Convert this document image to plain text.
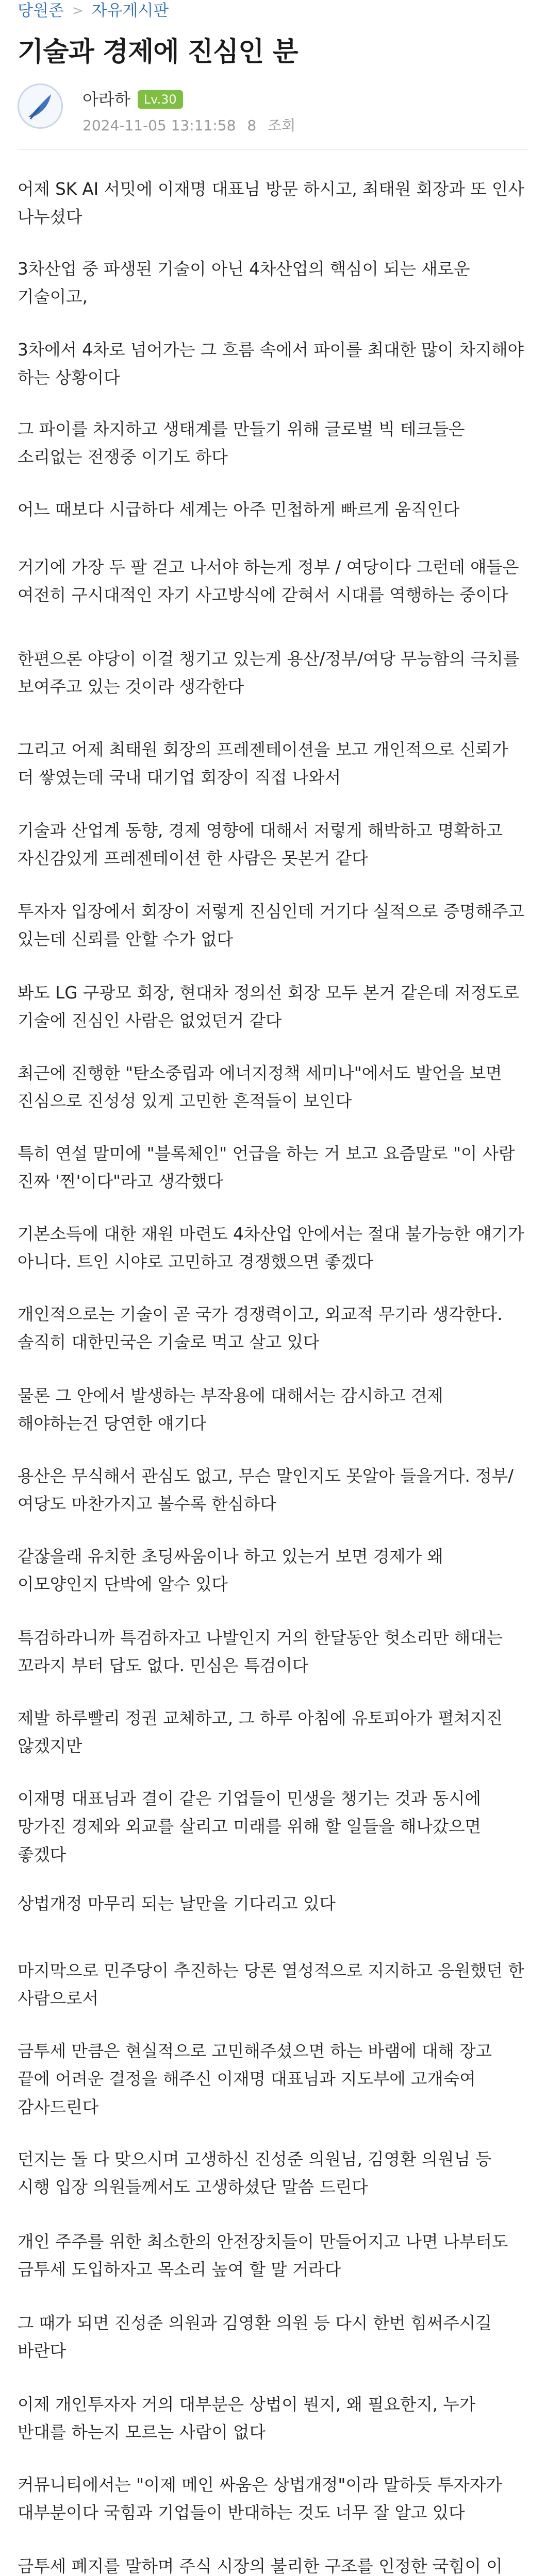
당원존 > 자유게시판
기술과 경제에 진심인 분
아라하 Lv.30
2024-11-05 13:11:58 8 조회
어제 SK AI 서밋에 이재명 대표님 방문 하시고, 최태원 회장과 또 인사 나누셨다
3차산업 중 파생된 기술이 아닌 4차산업의 핵심이 되는 새로운 기술이고,
3차에서 4차로 넘어가는 그 흐름 속에서 파이를 최대한 많이 차지해야 하는 상황이다
그 파이를 차지하고 생태계를 만들기 위해 글로벌 빅 테크들은 소리없는 전쟁중 이기도 하다
어느 때보다 시급하다 세계는 아주 민첩하게 빠르게 움직인다
거기에 가장 두 팔 걷고 나서야 하는게 정부 / 여당이다 그런데 얘들은 여전히 구시대적인 자기 사고방식에 갇혀서 시대를 역행하는 중이다
한편으론 야당이 이걸 챙기고 있는게 용산/정부/여당 무능함의 극치를 보여주고 있는 것이라 생각한다
그리고 어제 최태원 회장의 프레젠테이션을 보고 개인적으로 신뢰가 더 쌓였는데 국내 대기업 회장이 직접 나와서
기술과 산업계 동향, 경제 영향에 대해서 저렇게 해박하고 명확하고 자신감있게 프레젠테이션 한 사람은 못본거 같다
투자자 입장에서 회장이 저렇게 진심인데 거기다 실적으로 증명해주고 있는데 신뢰를 안할 수가 없다
봐도 LG 구광모 회장, 현대차 정의선 회장 모두 본거 같은데 저정도로 기술에 진심인 사람은 없었던거 같다
최근에 진행한 "탄소중립과 에너지정책 세미나"에서도 발언을 보면 진심으로 진성성 있게 고민한 흔적들이 보인다
특히 연설 말미에 "블록체인" 언급을 하는 거 보고 요즘말로 "이 사람 진짜 '찐'이다"라고 생각했다
기본소득에 대한 재원 마련도 4차산업 안에서는 절대 불가능한 얘기가 아니다. 트인 시야로 고민하고 경쟁했으면 좋겠다
개인적으로는 기술이 곧 국가 경쟁력이고, 외교적 무기라 생각한다. 솔직히 대한민국은 기술로 먹고 살고 있다
물론 그 안에서 발생하는 부작용에 대해서는 감시하고 견제 해야하는건 당연한 얘기다
용산은 무식해서 관심도 없고, 무슨 말인지도 못알아 들을거다. 정부/여당도 마찬가지고 볼수록 한심하다
같잖을래 유치한 초딩싸움이나 하고 있는거 보면 경제가 왜 이모양인지 단박에 알수 있다
특검하라니까 특검하자고 나발인지 거의 한달동안 헛소리만 해대는 꼬라지 부터 답도 없다. 민심은 특검이다
제발 하루빨리 정권 교체하고, 그 하루 아침에 유토피아가 펼쳐지진 않겠지만
이재명 대표님과 결이 같은 기업들이 민생을 챙기는 것과 동시에 망가진 경제와 외교를 살리고 미래를 위해 할 일들을 해나갔으면 좋겠다
상법개정 마무리 되는 날만을 기다리고 있다
마지막으로 민주당이 추진하는 당론 열성적으로 지지하고 응원했던 한 사람으로서
금투세 만큼은 현실적으로 고민해주셨으면 하는 바램에 대해 장고 끝에 어려운 결정을 해주신 이재명 대표님과 지도부에 고개숙여 감사드린다
던지는 돌 다 맞으시며 고생하신 진성준 의원님, 김영환 의원님 등 시행 입장 의원들께서도 고생하셨단 말씀 드린다
개인 주주를 위한 최소한의 안전장치들이 만들어지고 나면 나부터도 금투세 도입하자고 목소리 높여 할 말 거라다
그 때가 되면 진성준 의원과 김영환 의원 등 다시 한번 힘써주시길 바란다
이제 개인투자자 거의 대부분은 상법이 뭔지, 왜 필요한지, 누가 반대를 하는지 모르는 사람이 없다
커뮤니티에서는 "이제 메인 싸움은 상법개정"이라 말하듯 투자자가 대부분이다 국힘과 기업들이 반대하는 것도 너무 잘 알고 있다
금투세 폐지를 말하며 주식 시장의 불리한 구조를 인정한 국힘이 이
